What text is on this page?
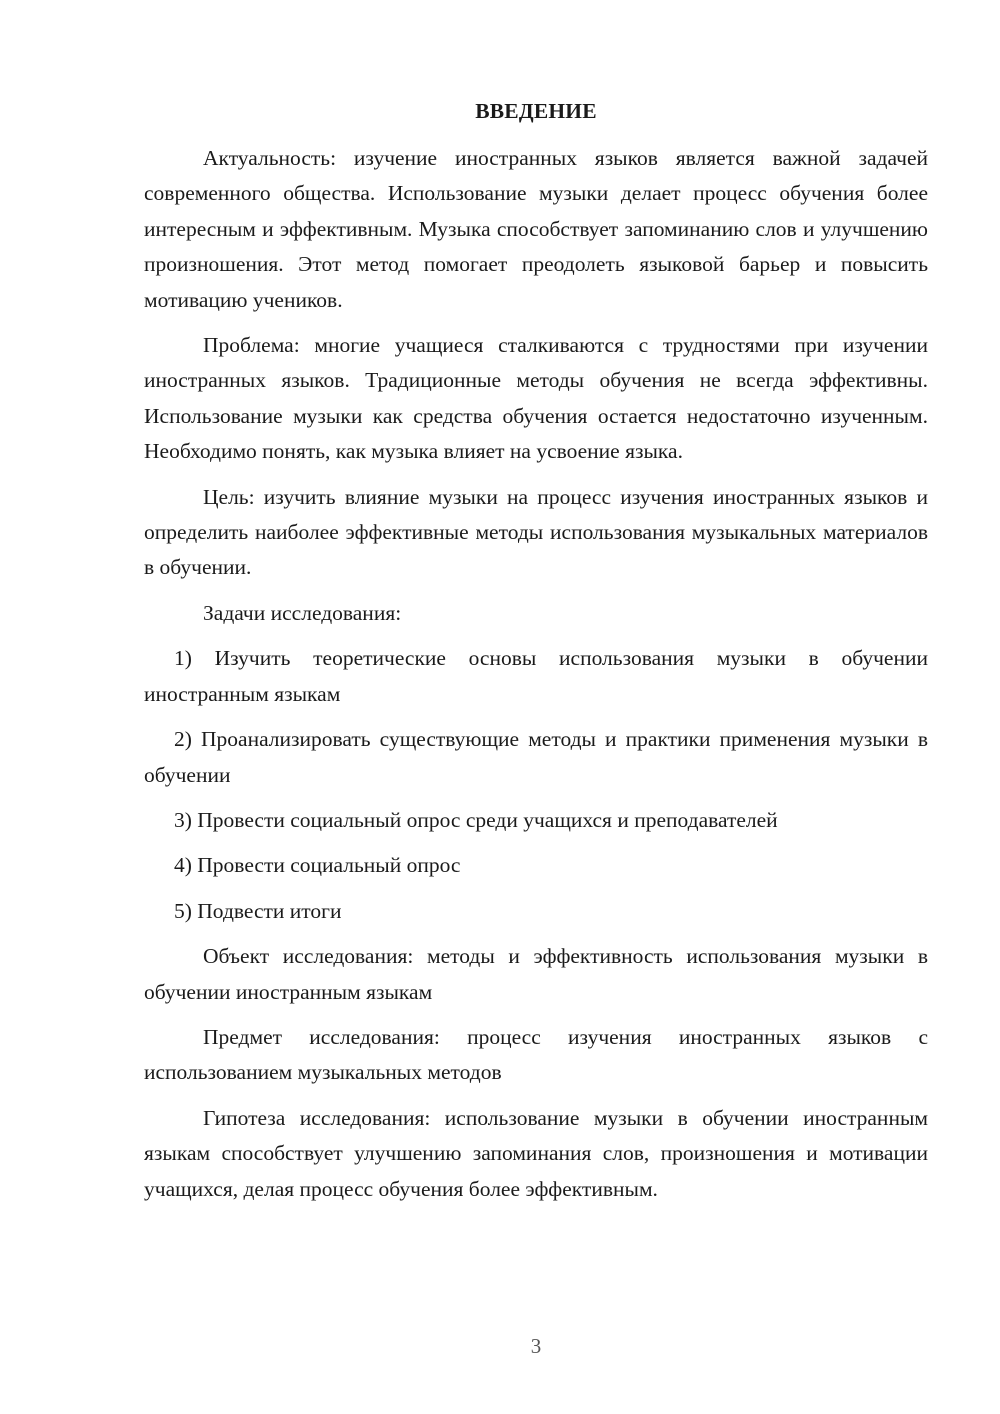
ВВЕДЕНИЕ

Актуальность: изучение иностранных языков является важной задачей современного общества. Использование музыки делает процесс обучения более интересным и эффективным. Музыка способствует запоминанию слов и улучшению произношения. Этот метод помогает преодолеть языковой барьер и повысить мотивацию учеников.

Проблема: многие учащиеся сталкиваются с трудностями при изучении иностранных языков. Традиционные методы обучения не всегда эффективны. Использование музыки как средства обучения остается недостаточно изученным. Необходимо понять, как музыка влияет на усвоение языка.

Цель: изучить влияние музыки на процесс изучения иностранных языков и определить наиболее эффективные методы использования музыкальных материалов в обучении.

Задачи исследования:

1) Изучить теоретические основы использования музыки в обучении иностранным языкам

2) Проанализировать существующие методы и практики применения музыки в обучении

3) Провести социальный опрос среди учащихся и преподавателей

4) Провести социальный опрос

5) Подвести итоги

Объект исследования: методы и эффективность использования музыки в обучении иностранным языкам

Предмет исследования: процесс изучения иностранных языков с использованием музыкальных методов

Гипотеза исследования: использование музыки в обучении иностранным языкам способствует улучшению запоминания слов, произношения и мотивации учащихся, делая процесс обучения более эффективным.

3
